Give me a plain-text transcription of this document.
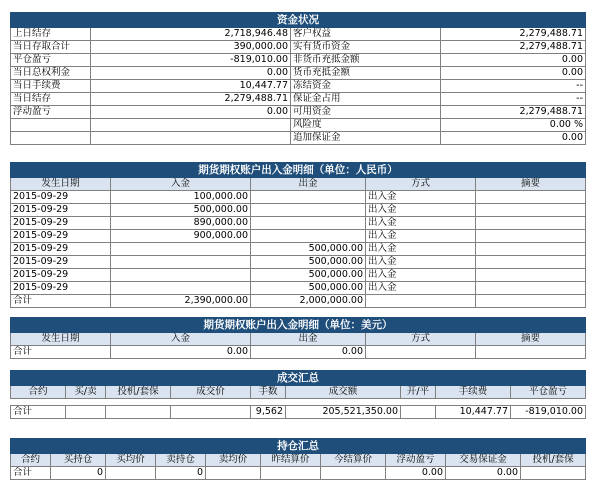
资金状况			
上日结存	2,718,946.48	客户权益	2,279,488.71
当日存取合计	390,000.00	实有货币资金	2,279,488.71
平仓盈亏	-819,010.00	非货币充抵金额	0.00
当日总权利金	0.00	货币充抵金额	0.00
当日手续费	10,447.77	冻结资金	--
当日结存	2,279,488.71	保证金占用	--
浮动盈亏	0.00	可用资金	2,279,488.71
		风险度	0.00 %
		追加保证金	0.00
期货期权账户出入金明细（单位：人民币）				
发生日期	入金	出金	方式	摘要
2015-09-29	100,000.00		出入金	
2015-09-29	500,000.00		出入金	
2015-09-29	890,000.00		出入金	
2015-09-29	900,000.00		出入金	
2015-09-29		500,000.00	出入金	
2015-09-29		500,000.00	出入金	
2015-09-29		500,000.00	出入金	
2015-09-29		500,000.00	出入金	
合计	2,390,000.00	2,000,000.00		
期货期权账户出入金明细（单位：美元）				
发生日期	入金	出金	方式	摘要
合计	0.00	0.00		
成交汇总 品种汇总 成交明细 平仓明细								

合约	买/卖	投机/套保	成交价	手数	成交额	开/平	手续费	平仓盈亏

合计				9,562	205,521,350.00		10,447.77	-819,010.00
持仓汇总 持仓明细									

合约	买持仓	买均价	卖持仓	卖均价	昨结算价	今结算价	浮动盈亏	交易保证金	投机/套保
合计	0		0				0.00	0.00	
